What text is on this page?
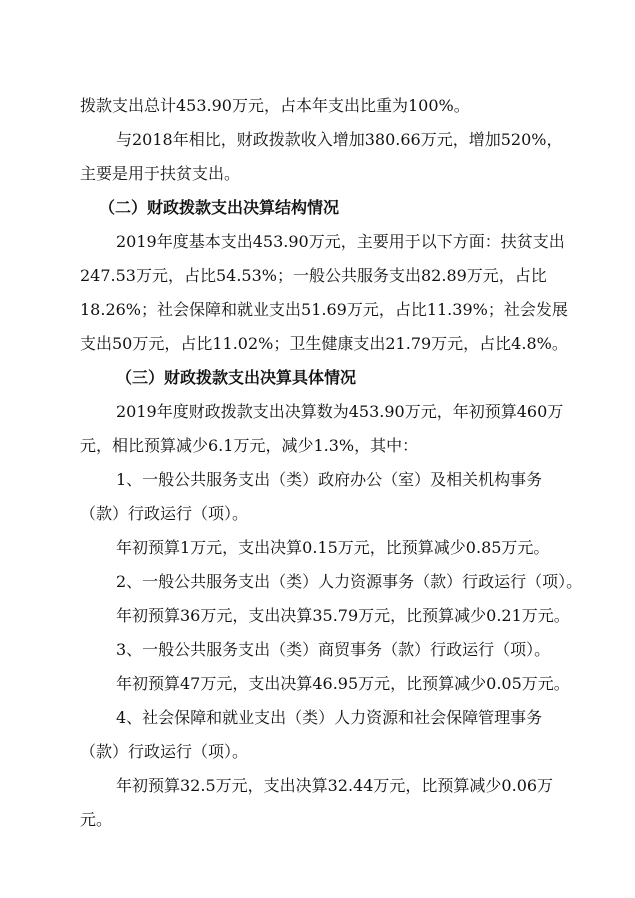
拨款支出总计453.90万元，占本年支出比重为100%。
与2018年相比，财政拨款收入增加380.66万元，增加520%，
主要是用于扶贫支出。
（二）财政拨款支出决算结构情况
2019年度基本支出453.90万元，主要用于以下方面：扶贫支出
247.53万元，占比54.53%；一般公共服务支出82.89万元，占比
18.26%；社会保障和就业支出51.69万元，占比11.39%；社会发展
支出50万元，占比11.02%；卫生健康支出21.79万元，占比4.8%。
（三）财政拨款支出决算具体情况
2019年度财政拨款支出决算数为453.90万元，年初预算460万
元，相比预算减少6.1万元，减少1.3%，其中：
1、一般公共服务支出（类）政府办公（室）及相关机构事务
（款）行政运行（项）。
年初预算1万元，支出决算0.15万元，比预算减少0.85万元。
2、一般公共服务支出（类）人力资源事务（款）行政运行（项）。
年初预算36万元，支出决算35.79万元，比预算减少0.21万元。
3、一般公共服务支出（类）商贸事务（款）行政运行（项）。
年初预算47万元，支出决算46.95万元，比预算减少0.05万元。
4、社会保障和就业支出（类）人力资源和社会保障管理事务
（款）行政运行（项）。
年初预算32.5万元，支出决算32.44万元，比预算减少0.06万
元。
